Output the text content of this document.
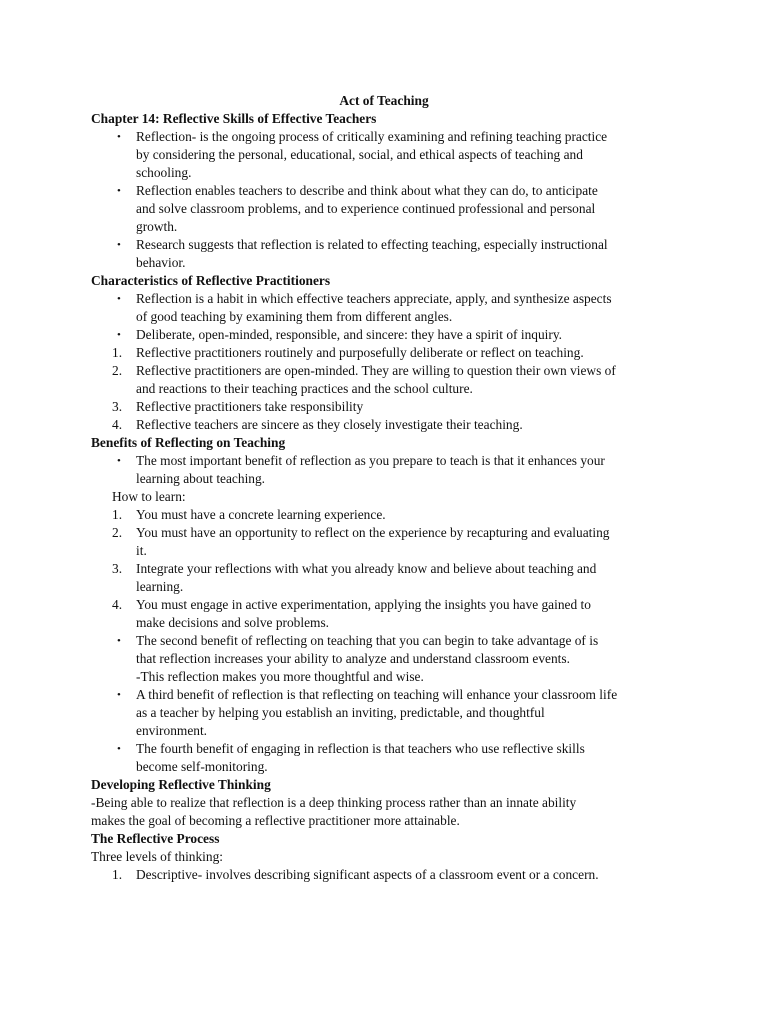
Act of Teaching
Chapter 14: Reflective Skills of Effective Teachers
•	Reflection- is the ongoing process of critically examining and refining teaching practice
by considering the personal, educational, social, and ethical aspects of teaching and
schooling.
•	Reflection enables teachers to describe and think about what they can do, to anticipate
and solve classroom problems, and to experience continued professional and personal
growth.
•	Research suggests that reflection is related to effecting teaching, especially instructional
behavior.
Characteristics of Reflective Practitioners
•	Reflection is a habit in which effective teachers appreciate, apply, and synthesize aspects
of good teaching by examining them from different angles.
•	Deliberate, open-minded, responsible, and sincere: they have a spirit of inquiry.
1.	Reflective practitioners routinely and purposefully deliberate or reflect on teaching.
2.	Reflective practitioners are open-minded. They are willing to question their own views of
and reactions to their teaching practices and the school culture.
3.	Reflective practitioners take responsibility
4.	Reflective teachers are sincere as they closely investigate their teaching.
Benefits of Reflecting on Teaching
•	The most important benefit of reflection as you prepare to teach is that it enhances your
learning about teaching.
How to learn:
1.	You must have a concrete learning experience.
2.	You must have an opportunity to reflect on the experience by recapturing and evaluating
it.
3.	Integrate your reflections with what you already know and believe about teaching and
learning.
4.	You must engage in active experimentation, applying the insights you have gained to
make decisions and solve problems.
•	The second benefit of reflecting on teaching that you can begin to take advantage of is
that reflection increases your ability to analyze and understand classroom events.
-This reflection makes you more thoughtful and wise.
•	A third benefit of reflection is that reflecting on teaching will enhance your classroom life
as a teacher by helping you establish an inviting, predictable, and thoughtful
environment.
•	The fourth benefit of engaging in reflection is that teachers who use reflective skills
become self-monitoring.
Developing Reflective Thinking
-Being able to realize that reflection is a deep thinking process rather than an innate ability
makes the goal of becoming a reflective practitioner more attainable.
The Reflective Process
Three levels of thinking:
1.	Descriptive- involves describing significant aspects of a classroom event or a concern.
